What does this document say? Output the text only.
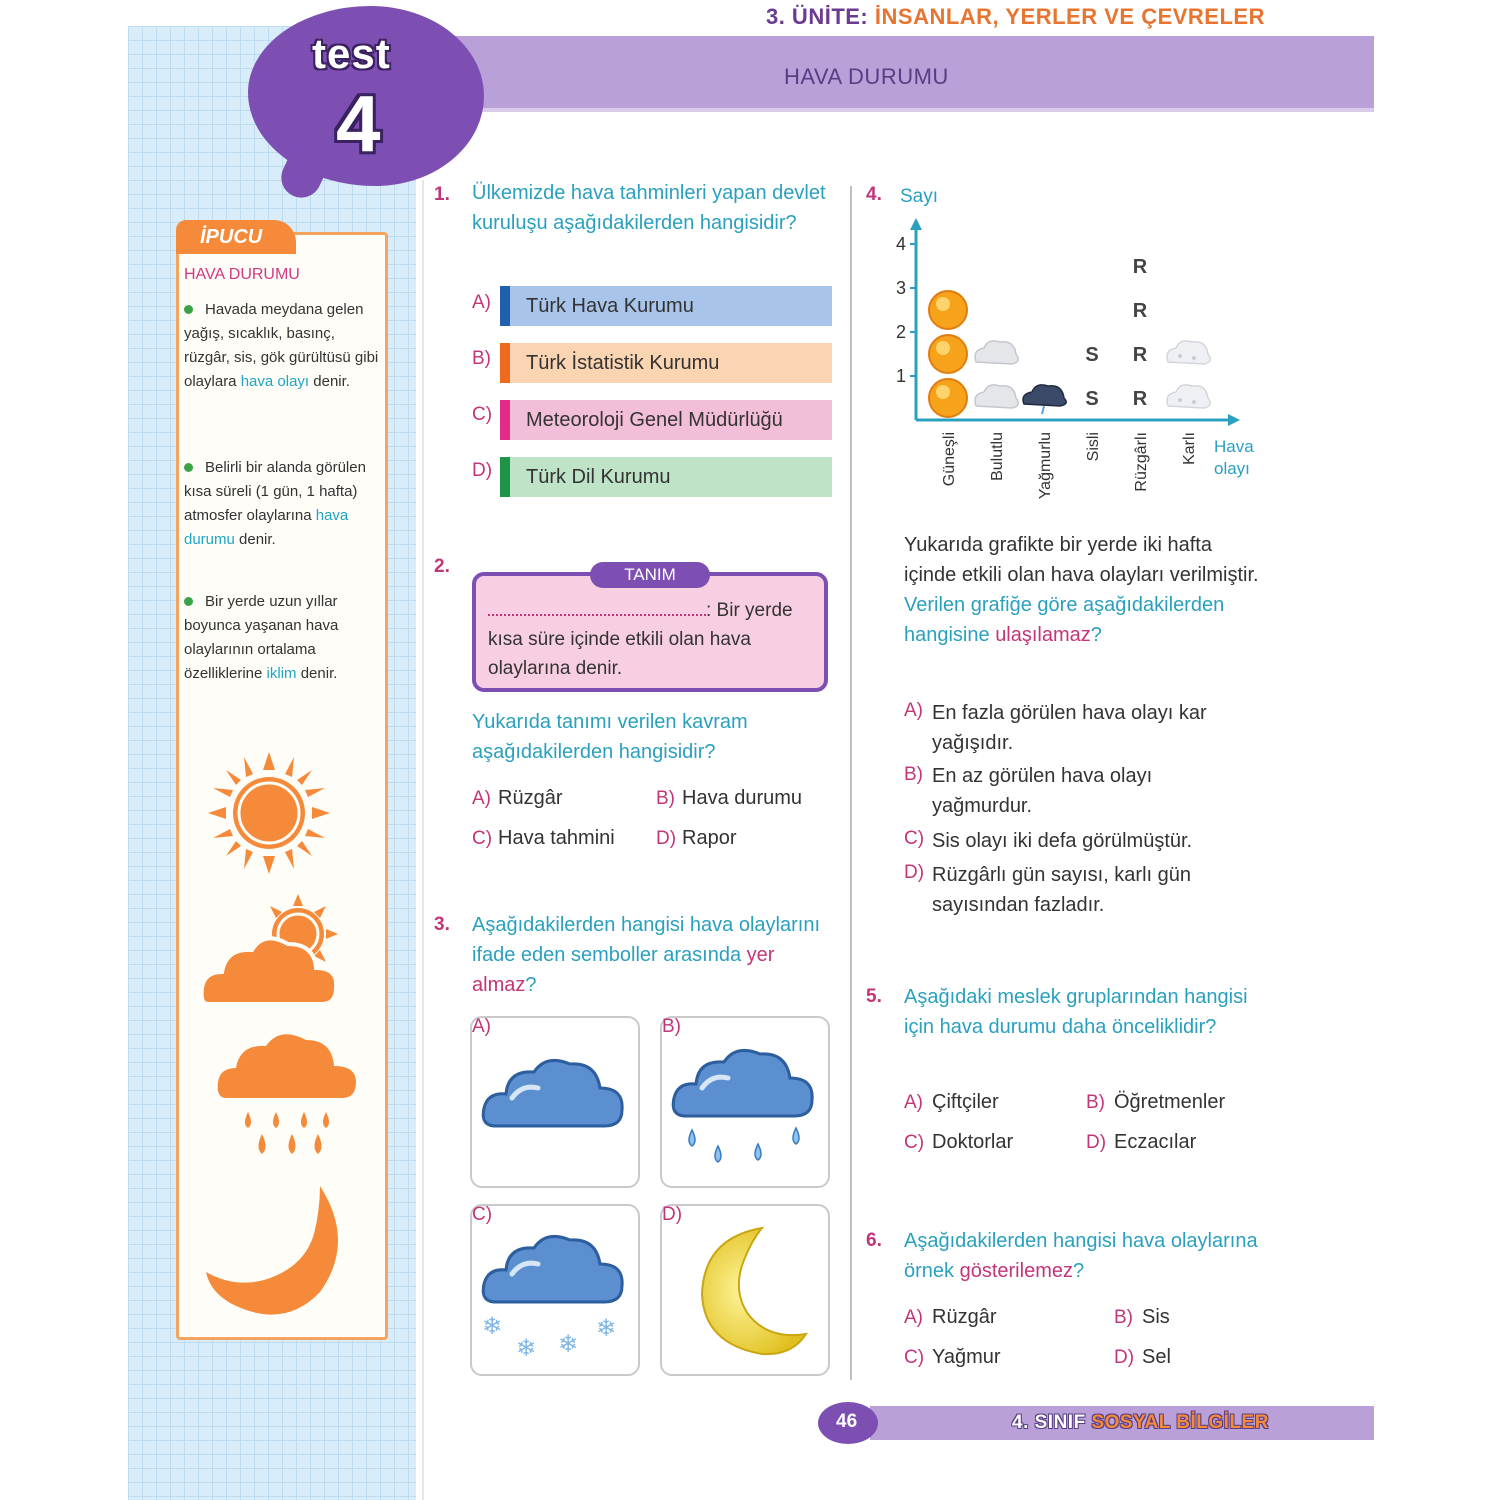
3. ÜNİTE: İNSANLAR, YERLER VE ÇEVRELER
HAVA DURUMU
test
4
İPUCU
HAVA DURUMU
Havada meydana gelen yağış, sıcaklık, basınç, rüzgâr, sis, gök gürültüsü gibi olaylara hava olayı denir.
Belirli bir alanda görülen kısa süreli (1 gün, 1 hafta) atmosfer olaylarına hava durumu denir.
Bir yerde uzun yıllar boyunca yaşanan hava olaylarının ortalama özelliklerine iklim denir.
1. Ülkemizde hava tahminleri yapan devlet kuruluşu aşağıdakilerden hangisidir?
A)	Türk Hava Kurumu
B)	Türk İstatistik Kurumu
C)	Meteoroloji Genel Müdürlüğü
D)	Türk Dil Kurumu
2.	TANIM
: Bir yerde kısa süre içinde etkili olan hava olaylarına denir.
Yukarıda tanımı verilen kavram aşağıdakilerden hangisidir?
A) Rüzgâr	B) Hava durumu
C) Hava tahmini D) Rapor
3. Aşağıdakilerden hangisi hava olaylarını ifade eden semboller arasında yer almaz?
A)	B)
❄
❄ ❄
❄
C)	D)
4. Sayı
1
2
3
4
S
S
R
R
R
R
Güneşli Bulutlu Yağmurlu Sisli Rüzgârlı Karlı Hava olayı
Yukarıda grafikte bir yerde iki hafta içinde etkili olan hava olayları verilmiştir. Verilen grafiğe göre aşağıdakilerden hangisine ulaşılamaz?
A) En fazla görülen hava olayı kar yağışıdır.
B) En az görülen hava olayı yağmurdur.
C) Sis olayı iki defa görülmüştür.
D) Rüzgârlı gün sayısı, karlı gün sayısından fazladır.
5. Aşağıdaki meslek gruplarından hangisi için hava durumu daha önceliklidir?
A) Çiftçiler	B) Öğretmenler
C) Doktorlar	D) Eczacılar
6. Aşağıdakilerden hangisi hava olaylarına örnek gösterilemez?
A) Rüzgâr	B) Sis
C) Yağmur	D) Sel
46	4. SINIF SOSYAL BİLGİLER
